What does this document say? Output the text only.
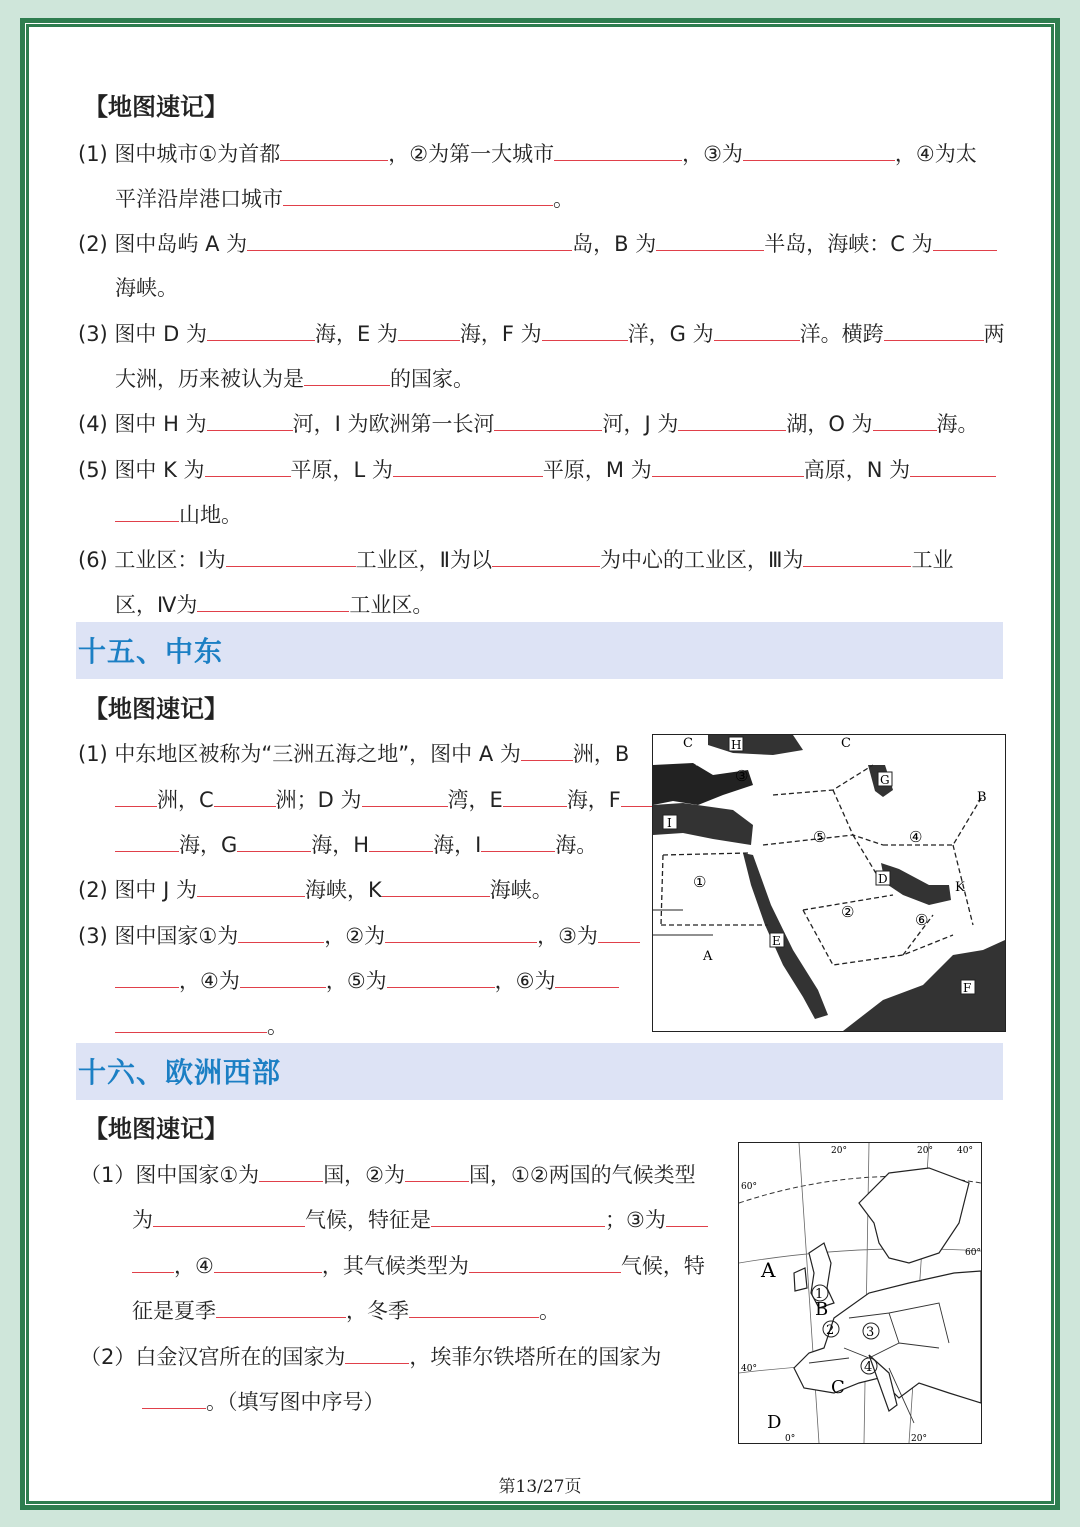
【地图速记】
(1) 图中城市①为首都	，②为第一大城市	，③为	，④为太
平洋沿岸港口城市	。
(2) 图中岛屿 A 为	岛，B 为	半岛，海峡：C 为
海峡。
(3) 图中 D 为	海，E 为	海，F 为	洋，G 为	洋。横跨	两
大洲，历来被认为是	的国家。
(4) 图中 H 为	河，I 为欧洲第一长河	河，J 为	湖，O 为	海。
(5) 图中 K 为	平原，L 为	平原，M 为	高原，N 为
山地。
(6) 工业区：Ⅰ为	工业区，Ⅱ为以	为中心的工业区，Ⅲ为	工业
区，Ⅳ为	工业区。
十五、中东
【地图速记】
(1) 中东地区被称为“三洲五海之地”，图中 A 为 洲，B
洲，C	洲；D 为	湾，E	海，F
海，G	海，H	海，I	海。
(2) 图中 J 为	海峡，K	海峡。
(3) 图中国家①为	，②为	，③为
，④为	，⑤为	，⑥为
。
C	H	C
J
③	G
B
I
⑤	④
①	D
K
②	⑥
E
A
F
十六、欧洲西部
【地图速记】
（1）图中国家①为	国，②为	国，①②两国的气候类型
为	气候，特征是	；③为
，④	，其气候类型为	气候，特
征是夏季	，冬季	。
（2）白金汉宫所在的国家为	，埃菲尔铁塔所在的国家为
。（填写图中序号）
60°
60°
40°
20°	20°	40°
0°	20°
A
B
C
D
1
2 3
4
第13/27页
